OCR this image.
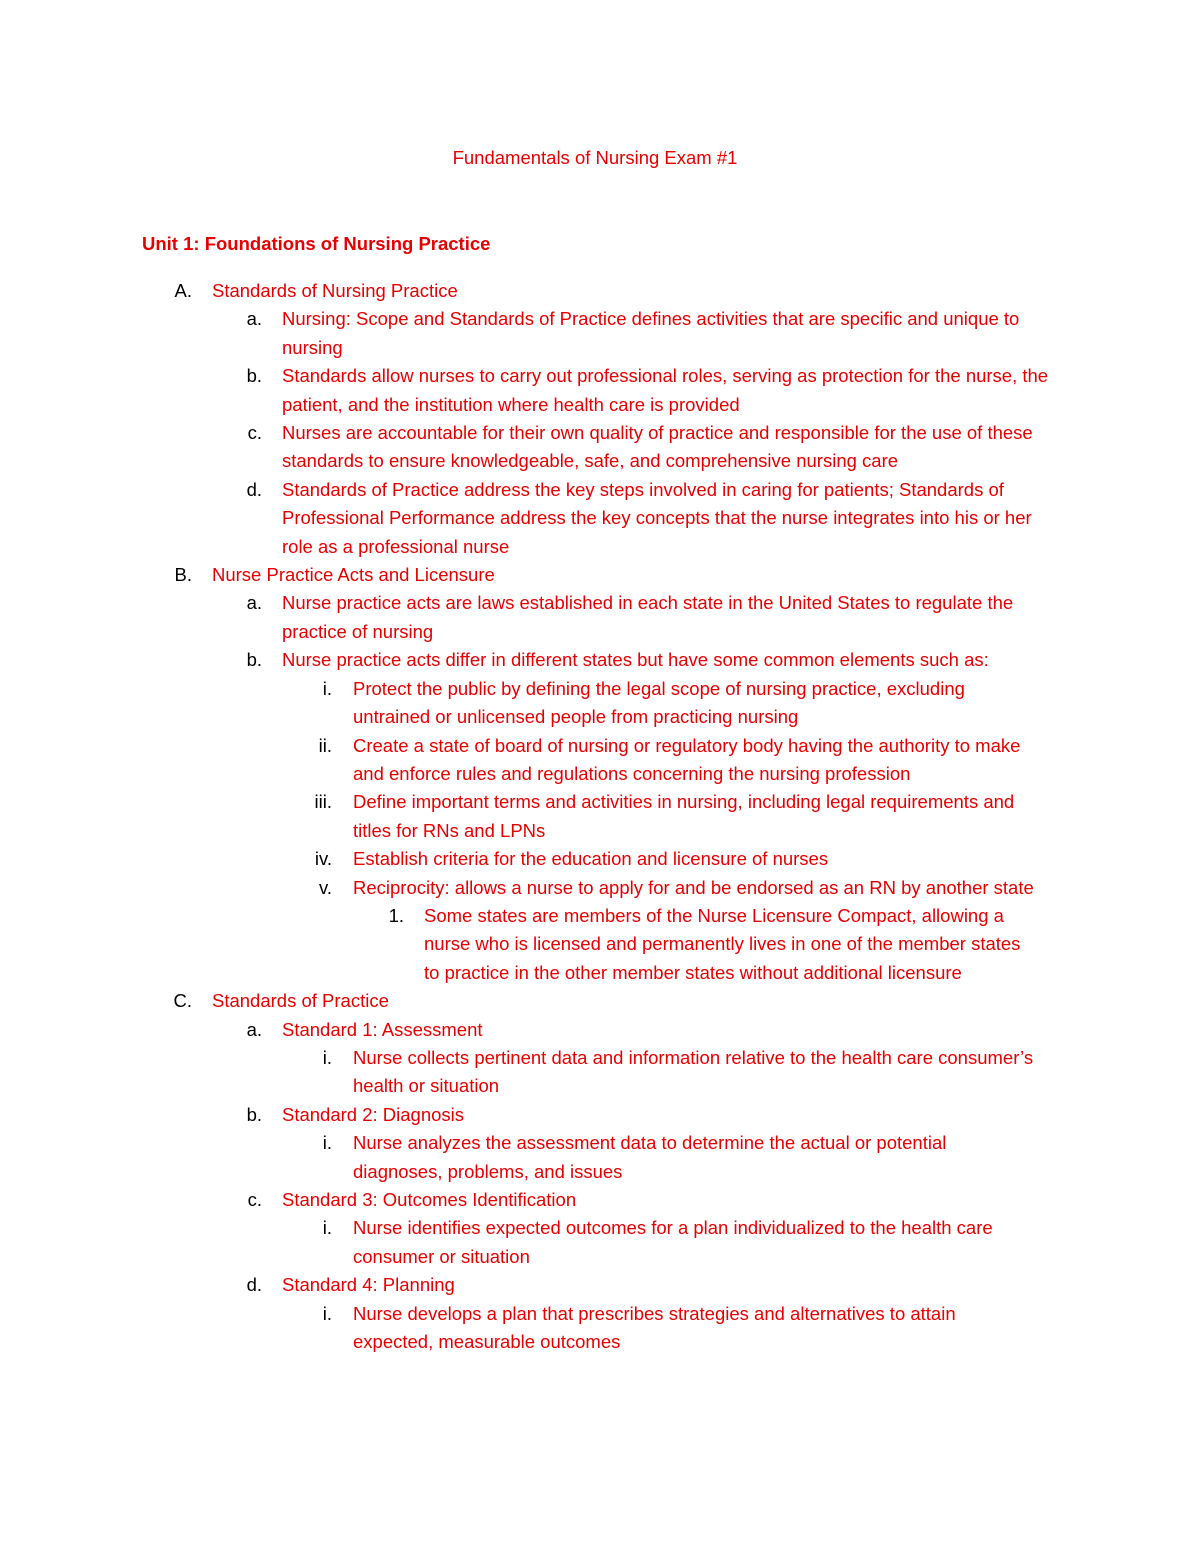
Fundamentals of Nursing Exam #1
Unit 1: Foundations of Nursing Practice
A. Standards of Nursing Practice
a. Nursing: Scope and Standards of Practice defines activities that are specific and unique to nursing
b. Standards allow nurses to carry out professional roles, serving as protection for the nurse, the patient, and the institution where health care is provided
c. Nurses are accountable for their own quality of practice and responsible for the use of these standards to ensure knowledgeable, safe, and comprehensive nursing care
d. Standards of Practice address the key steps involved in caring for patients; Standards of Professional Performance address the key concepts that the nurse integrates into his or her role as a professional nurse
B. Nurse Practice Acts and Licensure
a. Nurse practice acts are laws established in each state in the United States to regulate the practice of nursing
b. Nurse practice acts differ in different states but have some common elements such as:
i. Protect the public by defining the legal scope of nursing practice, excluding untrained or unlicensed people from practicing nursing
ii. Create a state of board of nursing or regulatory body having the authority to make and enforce rules and regulations concerning the nursing profession
iii. Define important terms and activities in nursing, including legal requirements and titles for RNs and LPNs
iv. Establish criteria for the education and licensure of nurses
v. Reciprocity: allows a nurse to apply for and be endorsed as an RN by another state
1. Some states are members of the Nurse Licensure Compact, allowing a nurse who is licensed and permanently lives in one of the member states to practice in the other member states without additional licensure
C. Standards of Practice
a. Standard 1: Assessment
i. Nurse collects pertinent data and information relative to the health care consumer’s health or situation
b. Standard 2: Diagnosis
i. Nurse analyzes the assessment data to determine the actual or potential diagnoses, problems, and issues
c. Standard 3: Outcomes Identification
i. Nurse identifies expected outcomes for a plan individualized to the health care consumer or situation
d. Standard 4: Planning
i. Nurse develops a plan that prescribes strategies and alternatives to attain expected, measurable outcomes
